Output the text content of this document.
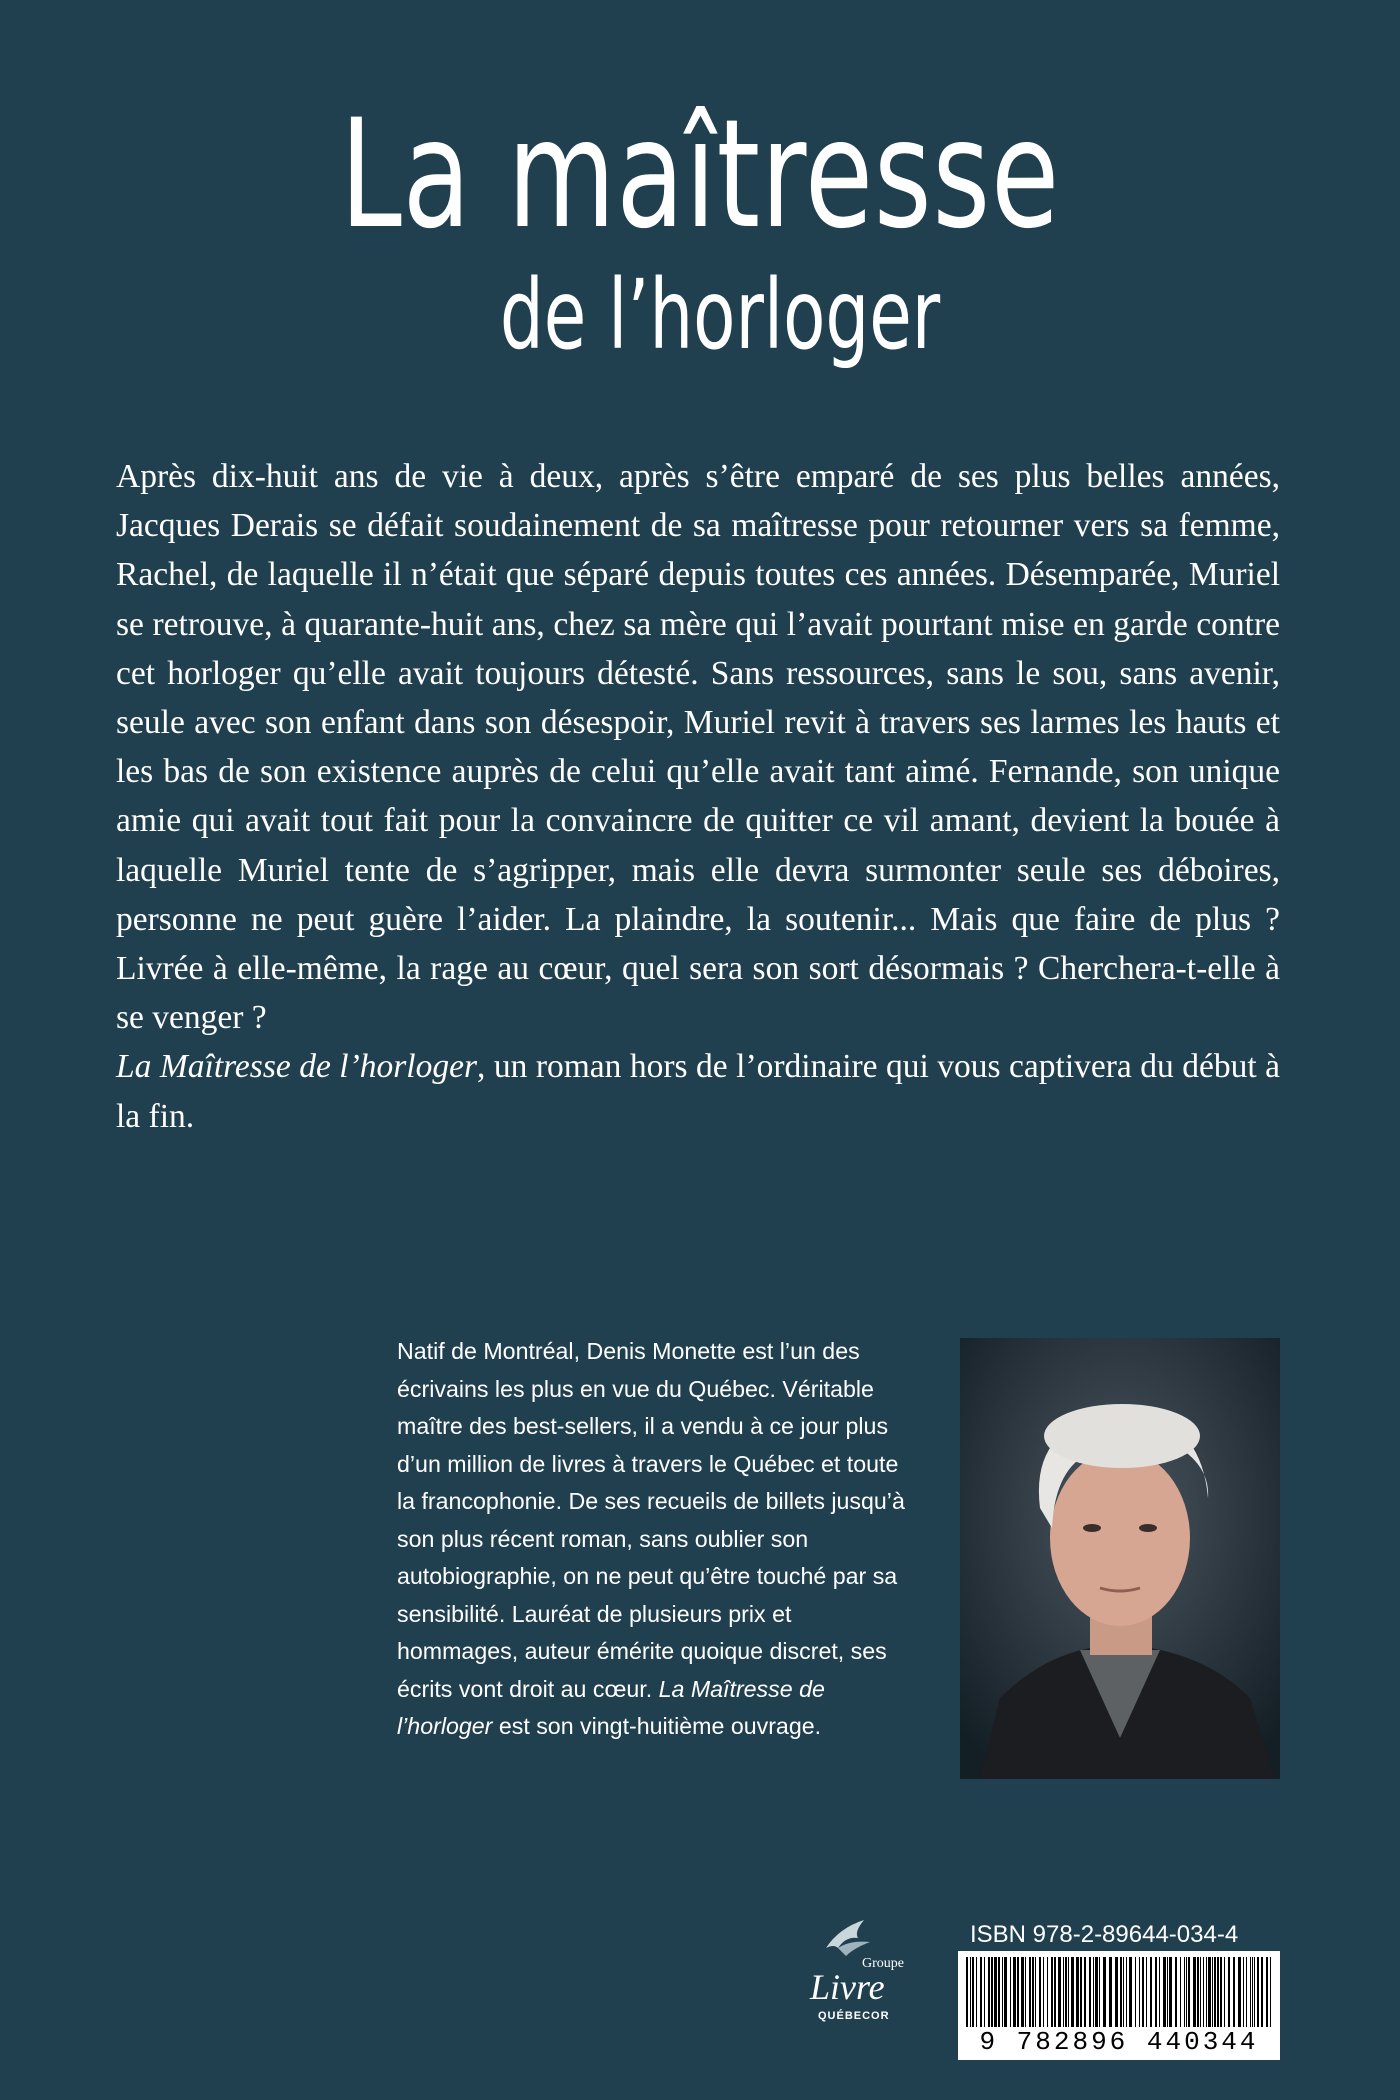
La maîtresse
de l’horloger
Après dix-huit ans de vie à deux, après s’être emparé de ses plus belles années, Jacques Derais se défait soudainement de sa maîtresse pour retourner vers sa femme, Rachel, de laquelle il n’était que séparé depuis toutes ces années. Désemparée, Muriel se retrouve, à quarante-huit ans, chez sa mère qui l’avait pourtant mise en garde contre cet horloger qu’elle avait toujours détesté. Sans ressources, sans le sou, sans avenir, seule avec son enfant dans son désespoir, Muriel revit à travers ses larmes les hauts et les bas de son existence auprès de celui qu’elle avait tant aimé. Fernande, son unique amie qui avait tout fait pour la convaincre de quitter ce vil amant, devient la bouée à laquelle Muriel tente de s’agripper, mais elle devra surmonter seule ses déboires, personne ne peut guère l’aider. La plaindre, la soutenir... Mais que faire de plus ? Livrée à elle-même, la rage au cœur, quel sera son sort désormais ? Cherchera-t-elle à se venger ?
La Maîtresse de l’horloger, un roman hors de l’ordinaire qui vous captivera du début à la fin.
Natif de Montréal, Denis Monette est l’un des écrivains les plus en vue du Québec. Véritable maître des best-sellers, il a vendu à ce jour plus d’un million de livres à travers le Québec et toute la francophonie. De ses recueils de billets jusqu’à son plus récent roman, sans oublier son autobiographie, on ne peut qu’être touché par sa sensibilité. Lauréat de plusieurs prix et hommages, auteur émérite quoique discret, ses écrits vont droit au cœur. La Maîtresse de l’horloger est son vingt-huitième ouvrage.
Groupe
Livre
QUÉBECOR
ISBN 978-2-89644-034-4
9 782896 440344
